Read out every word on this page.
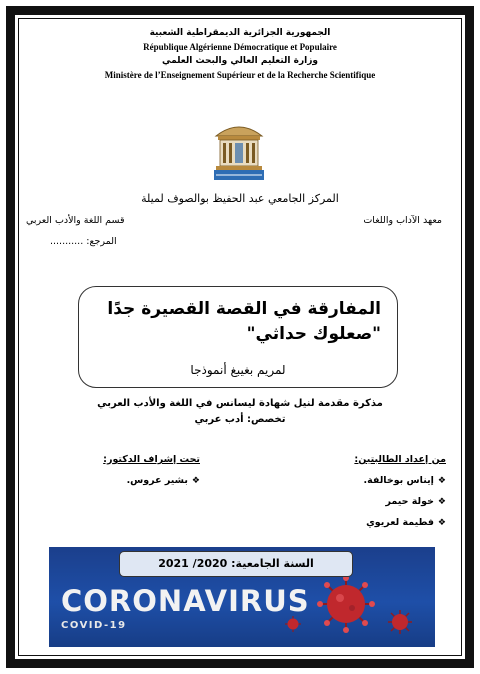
الجمهورية الجزائرية الديمقراطية الشعبية
République Algérienne Démocratique et Populaire
وزارة التعليم العالي والبحث العلمي
Ministère de l’Enseignement Supérieur et de la Recherche Scientifique
المركز الجامعي عبد الحفيظ بوالصوف لميلة
معهد الآداب واللغات
قسم اللغة والأدب العربي
المرجع: ...........
المفارقة في القصة القصيرة جدًا "صعلوك حداثي"
لمريم بغيبغ أنموذجا
مذكرة مقدمة لنيل شهادة ليسانس في اللغة والأدب العربي
تخصص: أدب عربي
من إعداد الطالبتين:
❖إيناس بوخالفة.
❖خولة حيمر
❖فطيمة لعريوي
تحت إشراف الدكتور:
❖بشير عروس.
CORONAVIRUS
COVID-19
السنة الجامعية: 2020/ 2021
